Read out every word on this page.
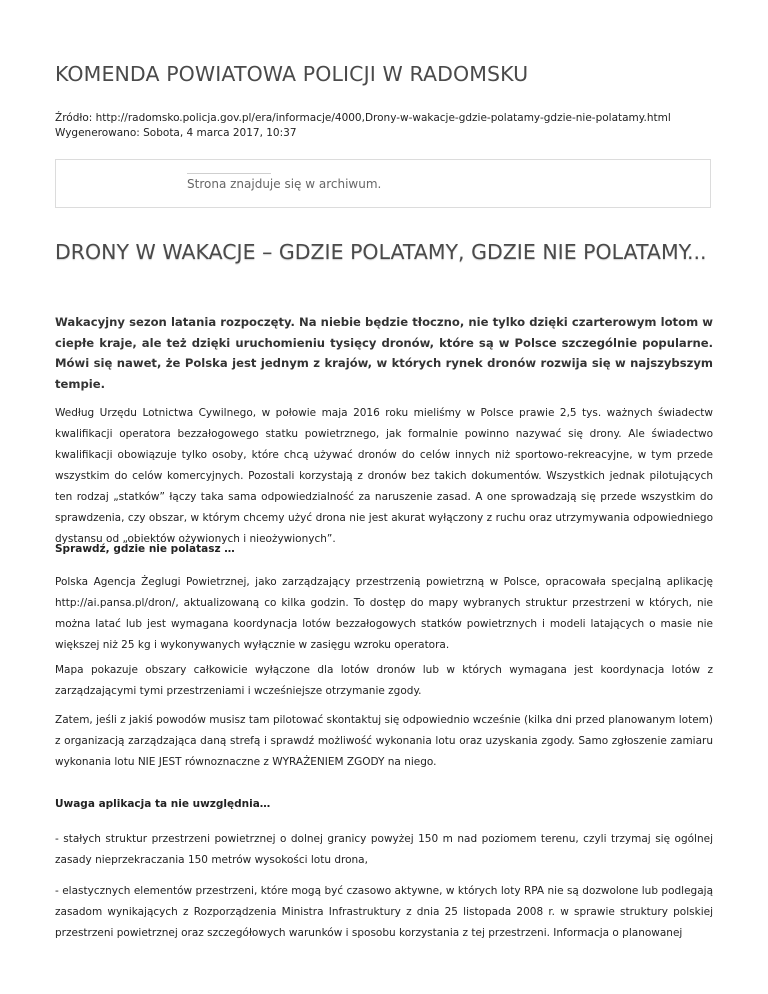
KOMENDA POWIATOWA POLICJI W RADOMSKU
Źródło: http://radomsko.policja.gov.pl/era/informacje/4000,Drony-w-wakacje-gdzie-polatamy-gdzie-nie-polatamy.html
Wygenerowano: Sobota, 4 marca 2017, 10:37
Strona znajduje się w archiwum.
DRONY W WAKACJE – GDZIE POLATAMY, GDZIE NIE POLATAMY...

Wakacyjny sezon latania rozpoczęty. Na niebie będzie tłoczno, nie tylko dzięki czarterowym lotom w ciepłe kraje, ale też dzięki uruchomieniu tysięcy dronów, które są w Polsce szczególnie popularne. Mówi się nawet, że Polska jest jednym z krajów, w których rynek dronów rozwija się w najszybszym tempie.

Według Urzędu Lotnictwa Cywilnego, w połowie maja 2016 roku mieliśmy w Polsce prawie 2,5 tys. ważnych świadectw kwalifikacji operatora bezzałogowego statku powietrznego, jak formalnie powinno nazywać się drony. Ale świadectwo kwalifikacji obowiązuje tylko osoby, które chcą używać dronów do celów innych niż sportowo-rekreacyjne, w tym przede wszystkim do celów komercyjnych. Pozostali korzystają z dronów bez takich dokumentów. Wszystkich jednak pilotujących ten rodzaj „statków” łączy taka sama odpowiedzialność za naruszenie zasad. A one sprowadzają się przede wszystkim do sprawdzenia, czy obszar, w którym chcemy użyć drona nie jest akurat wyłączony z ruchu oraz utrzymywania odpowiedniego dystansu od „obiektów ożywionych i nieożywionych”.

Sprawdź, gdzie nie polatasz …

Polska Agencja Żeglugi Powietrznej, jako zarządzający przestrzenią powietrzną w Polsce, opracowała specjalną aplikację http://ai.pansa.pl/dron/, aktualizowaną co kilka godzin. To dostęp do mapy wybranych struktur przestrzeni w których, nie można latać lub jest wymagana koordynacja lotów bezzałogowych statków powietrznych i modeli latających o masie nie większej niż 25 kg i wykonywanych wyłącznie w zasięgu wzroku operatora.

Mapa pokazuje obszary całkowicie wyłączone dla lotów dronów lub w których wymagana jest koordynacja lotów z zarządzającymi tymi przestrzeniami i wcześniejsze otrzymanie zgody.

Zatem, jeśli z jakiś powodów musisz tam pilotować skontaktuj się odpowiednio wcześnie (kilka dni przed planowanym lotem) z organizacją zarządzająca daną strefą i sprawdź możliwość wykonania lotu oraz uzyskania zgody. Samo zgłoszenie zamiaru wykonania lotu NIE JEST równoznaczne z WYRAŻENIEM ZGODY na niego.

Uwaga aplikacja ta nie uwzględnia…

- stałych struktur przestrzeni powietrznej o dolnej granicy powyżej 150 m nad poziomem terenu, czyli trzymaj się ogólnej zasady nieprzekraczania 150 metrów wysokości lotu drona,

- elastycznych elementów przestrzeni, które mogą być czasowo aktywne, w których loty RPA nie są dozwolone lub podlegają zasadom wynikających z Rozporządzenia Ministra Infrastruktury z dnia 25 listopada 2008 r. w sprawie struktury polskiej przestrzeni powietrznej oraz szczegółowych warunków i sposobu korzystania z tej przestrzeni. Informacja o planowanej
